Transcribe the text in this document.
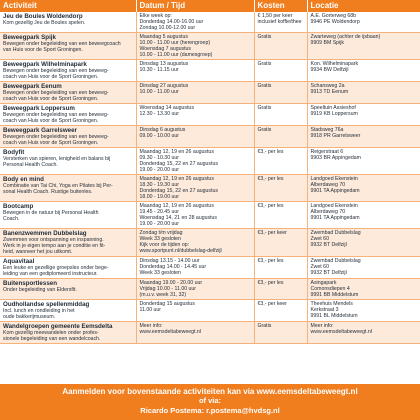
Activiteit	Datum / Tijd	Kosten	Locatie

Jeu de Boules Woldendorp
Kom gezellig Jeu de Boules spelen.	Elke week op:
Donderdag 14.00-16.00 uur
Zondag 10.00-12.00 uur	€ 1,50 per keer
inclusief koffie/thee	A.E. Gorterweg 68b
9946 PE Woldendorp

Beweegpark Spijk
Bewegen onder begeleiding van een beweegcoach
van Huis voor de Sport Groningen.	Maandag 5 augustus
10.00 - 11.00 uur (herengroep)
Woensdag 7 augustus
10.00 - 11.00 uur (damesgroep)	Gratis	Zwarteweg (achter de ijsbaan)
9909 BM Spijk

Beweegpark Wilhelminapark
Bewegen onder begeleiding van een beweeg-
coach van Huis voor de Sport Groningen.	Dinsdag 13 augustus
10.30 - 11.15 uur	Gratis	Kon. Wilhelminapark
9934 BW Delfzijl

Beweegpark Eenum
Bewegen onder begeleiding van een beweeg-
coach van Huis voor de Sport Groningen.	Dinsdag 27 augustus
10.00 - 11.00 uur	Gratis	Schansweg 2a
9913 TD Eenum

Beweegpark Loppersum
Bewegen onder begeleiding van een beweeg-
coach van Huis voor de Sport Groningen.	Woensdag 14 augustus
12.30 - 13.30 uur	Gratis	Speeltuin Assieshof
9919 KB Loppersum

Beweegpark Garrelsweer
Bewegen onder begeleiding van een beweeg-
coach van Huis voor de Sport Groningen.	Dinsdag 6 augustus
09.00 - 10.00 uur	Gratis	Stadsweg 76a
9918 PR Garrelsweer

Bodyfit
Versterken van spieren, lenigheid en balans bij
Personal Health Coach.	Maandag 12, 19 en 26 augustus
09.30 - 10.30 uur
Donderdag 15, 22 en 27 augustus
19.00 - 20.00 uur	€3,- per les	Reigerstraat 6
9903 BR Appingedam

Body en mind
Combinatie van Tai Chi, Yoga en Pilates bij Per-
sonal Health Coach. Rustige buitenles.	Maandag 12, 19 en 26 augustus
18.30 - 19.30 uur
Donderdag 15, 22 en 27 augustus
18.00 - 19.00 uur	€3,- per les	Landgoed Ekenstein
Alberdaweg 70
9901 TA Appingedam

Bootcamp
Bewegen in de natuur bij Personal Health
Coach.	Maandag 12, 19 en 26 augustus
19.45 - 20.45 uur
Woensdag 14, 21 en 28 augustus
19.00 - 20.00 uur	€3,- per les	Landgoed Ekenstein
Alberdaweg 70
9901 TA Appingedam

Banenzwemmen Dubbelslag
Zwemmen voor ontspanning en inspanning.
Werk in je eigen tempo aan je conditie en fit-
heid, wanneer het jou uitkomt.	Zondag t/m vrijdag
Week 33 gesloten
Kijk voor de tijden op:
www.sportpunt.nl/dubbelslag-delfzijl	€3,- per keer	Zwembad Dubbelslag
Zwet 60
9932 BT Delfzijl

Aquavitaal
Een leuke en gezellige groepsles onder bege-
leiding van een gediplomeerd instructeur.	Dinsdag 13.15 - 14.00 uur
Donderdag 14.00 - 14.45 uur
Week 33 gesloten	€3,- per les	Zwembad Dubbelslag
Zwet 60
9932 BT Delfzijl

Buitensportlessen
Onder begeleiding van Eldersfit.	Maandag 19.00 - 20.00 uur
Vrijdag 10.00 - 11.00 uur
(m.u.v. week 31, 32)	€3,- per les	Asingapark
Comonsdiepen 4
9991 BB Middelstum

Oudhollandse spellenmiddag
Incl. lunch en rondleiding in het
oude bakkerijmuseum.	Donderdag 15 augustus
11.00 uur	€3,- per keer	Theehuis Mendels
Kerkstraat 3
9991 BL Middelstum

Wandelgroepen gemeente Eemsdelta
Kom gezellig meewandelen onder profes-
sionele begeleiding van een wandelcoach.	Meer info:
www.eemsdeltabeweegt.nl	Gratis	Meer info:
www.eemsdeltabeweegt.nl
Aanmelden voor bovenstaande activiteiten kan via www.eemsdeltabeweegt.nl
of via:
Ricardo Postema: r.postema@hvdsg.nl
